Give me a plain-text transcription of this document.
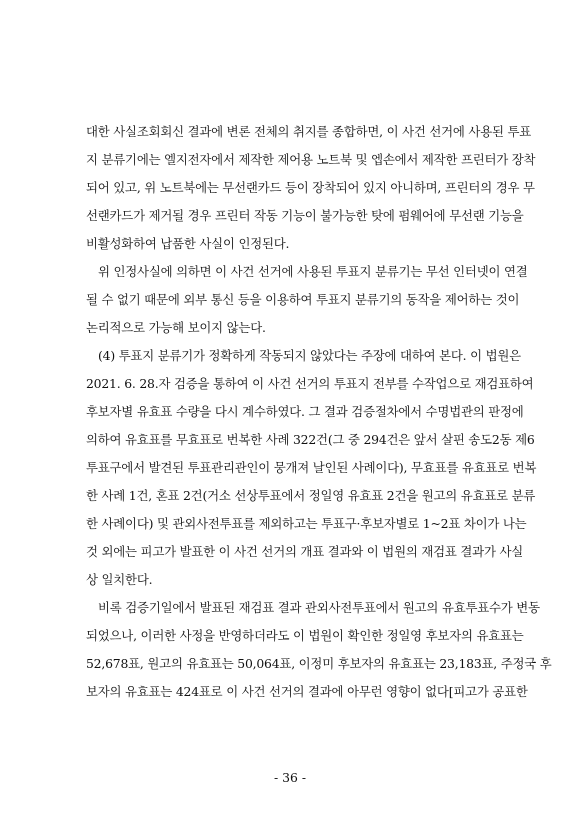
대한 사실조회회신 결과에 변론 전체의 취지를 종합하면, 이 사건 선거에 사용된 투표
지 분류기에는 엘지전자에서 제작한 제어용 노트북 및 엡손에서 제작한 프린터가 장착
되어 있고, 위 노트북에는 무선랜카드 등이 장착되어 있지 아니하며, 프린터의 경우 무
선랜카드가 제거될 경우 프린터 작동 기능이 불가능한 탓에 펌웨어에 무선랜 기능을
비활성화하여 납품한 사실이 인정된다.
위 인정사실에 의하면 이 사건 선거에 사용된 투표지 분류기는 무선 인터넷이 연결
될 수 없기 때문에 외부 통신 등을 이용하여 투표지 분류기의 동작을 제어하는 것이
논리적으로 가능해 보이지 않는다.
(4) 투표지 분류기가 정확하게 작동되지 않았다는 주장에 대하여 본다. 이 법원은
2021. 6. 28.자 검증을 통하여 이 사건 선거의 투표지 전부를 수작업으로 재검표하여
후보자별 유효표 수량을 다시 계수하였다. 그 결과 검증절차에서 수명법관의 판정에
의하여 유효표를 무효표로 번복한 사례 322건(그 중 294건은 앞서 살핀 송도2동 제6
투표구에서 발견된 투표관리관인이 뭉개져 날인된 사례이다), 무효표를 유효표로 번복
한 사례 1건, 혼표 2건(거소 선상투표에서 정일영 유효표 2건을 원고의 유효표로 분류
한 사례이다) 및 관외사전투표를 제외하고는 투표구·후보자별로 1~2표 차이가 나는
것 외에는 피고가 발표한 이 사건 선거의 개표 결과와 이 법원의 재검표 결과가 사실
상 일치한다.
비록 검증기일에서 발표된 재검표 결과 관외사전투표에서 원고의 유효투표수가 변동
되었으나, 이러한 사정을 반영하더라도 이 법원이 확인한 정일영 후보자의 유효표는
52,678표, 원고의 유효표는 50,064표, 이정미 후보자의 유효표는 23,183표, 주정국 후
보자의 유효표는 424표로 이 사건 선거의 결과에 아무런 영향이 없다[피고가 공표한
- 36 -
